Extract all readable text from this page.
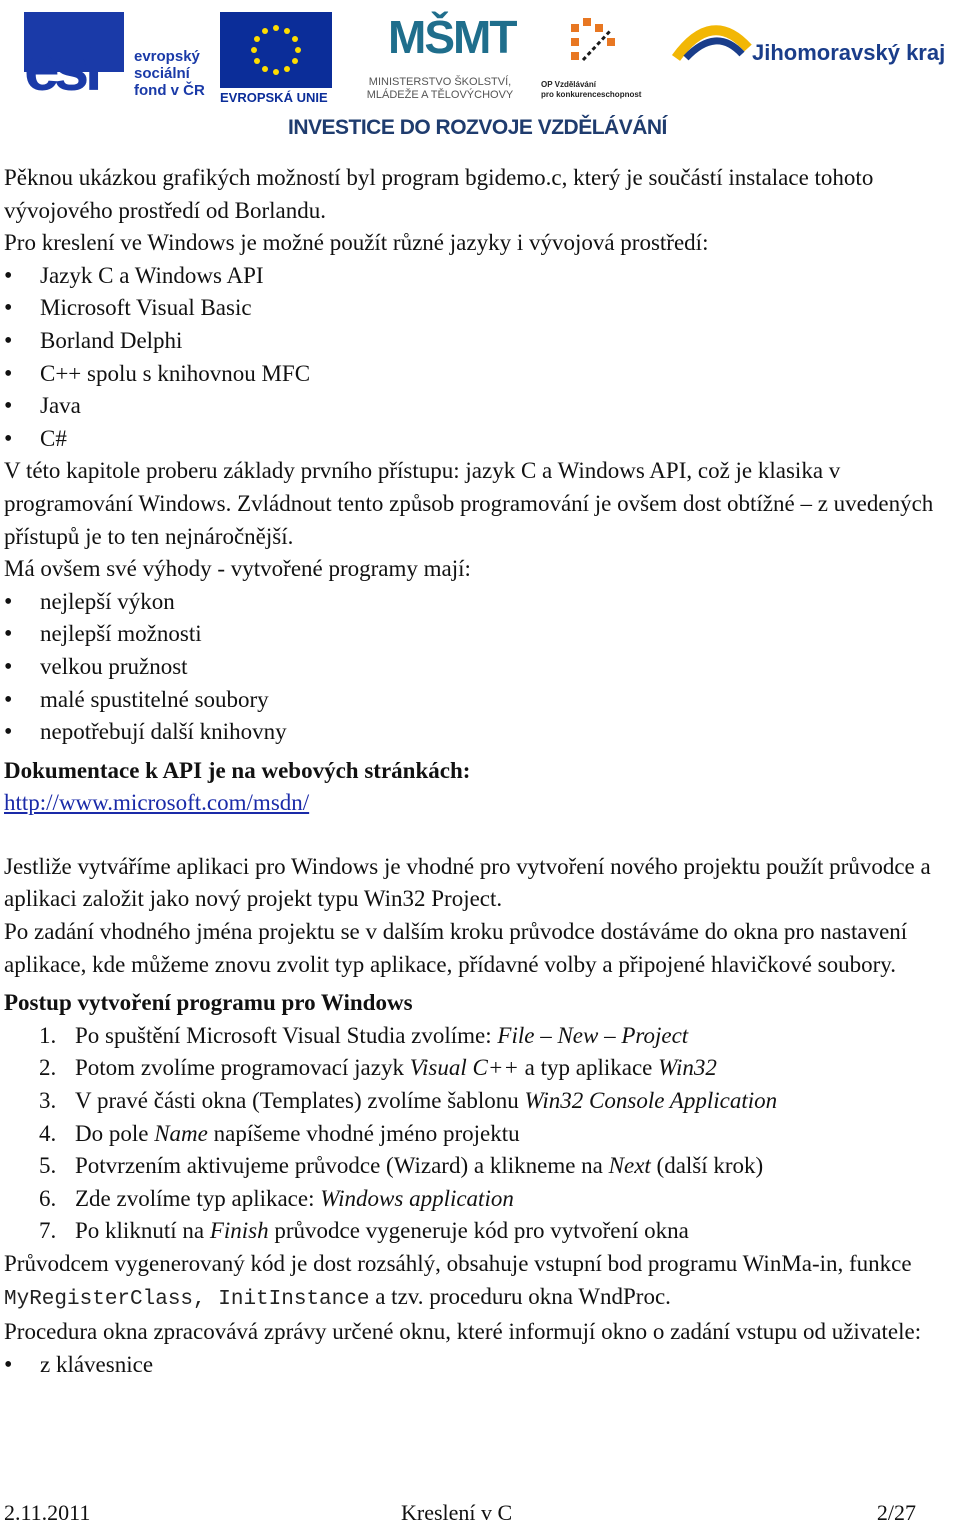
esf evropský
sociální
fond v ČR EVROPSKÁ UNIE
MŠMT
MINISTERSTVO ŠKOLSTVÍ,
MLÁDEŽE A TĚLOVÝCHOVY
OP Vzdělávání
pro konkurenceschopnost
Jihomoravský kraj
INVESTICE DO ROZVOJE VZDĚLÁVÁNÍ

Pěknou ukázkou grafikých možností byl program bgidemo.c, který je součástí instalace tohoto vývojového prostředí od Borlandu.

Pro kreslení ve Windows je možné použít různé jazyky i vývojová prostředí:

• Jazyk C a Windows API
• Microsoft Visual Basic
• Borland Delphi
• C++ spolu s knihovnou MFC
• Java
• C#

V této kapitole proberu základy prvního přístupu: jazyk C a Windows API, což je klasika v programování Windows. Zvládnout tento způsob programování je ovšem dost obtížné – z uvedených přístupů je to ten nejnáročnější.

Má ovšem své výhody - vytvořené programy mají:

• nejlepší výkon
• nejlepší možnosti
• velkou pružnost
• malé spustitelné soubory
• nepotřebují další knihovny
Dokumentace k API je na webových stránkách:

http://www.microsoft.com/msdn/

Jestliže vytváříme aplikaci pro Windows je vhodné pro vytvoření nového projektu použít průvodce a aplikaci založit jako nový projekt typu Win32 Project.

Po zadání vhodného jména projektu se v dalším kroku průvodce dostáváme do okna pro nastavení aplikace, kde můžeme znovu zvolit typ aplikace, přídavné volby a připojené hlavičkové soubory.

Postup vytvoření programu pro Windows
1. Po spuštění Microsoft Visual Studia zvolíme: File – New – Project
2. Potom zvolíme programovací jazyk Visual C++ a typ aplikace Win32
3. V pravé části okna (Templates) zvolíme šablonu Win32 Console Application
4. Do pole Name napíšeme vhodné jméno projektu
5. Potvrzením aktivujeme průvodce (Wizard) a klikneme na Next (další krok)
6. Zde zvolíme typ aplikace: Windows application
7. Po kliknutí na Finish průvodce vygeneruje kód pro vytvoření okna

Průvodcem vygenerovaný kód je dost rozsáhlý, obsahuje vstupní bod programu WinMa-in, funkce MyRegisterClass, InitInstance a tzv. proceduru okna WndProc.

Procedura okna zpracovává zprávy určené oknu, které informují okno o zadání vstupu od uživatele:

• z klávesnice
2.11.2011	Kreslení v C	2/27
